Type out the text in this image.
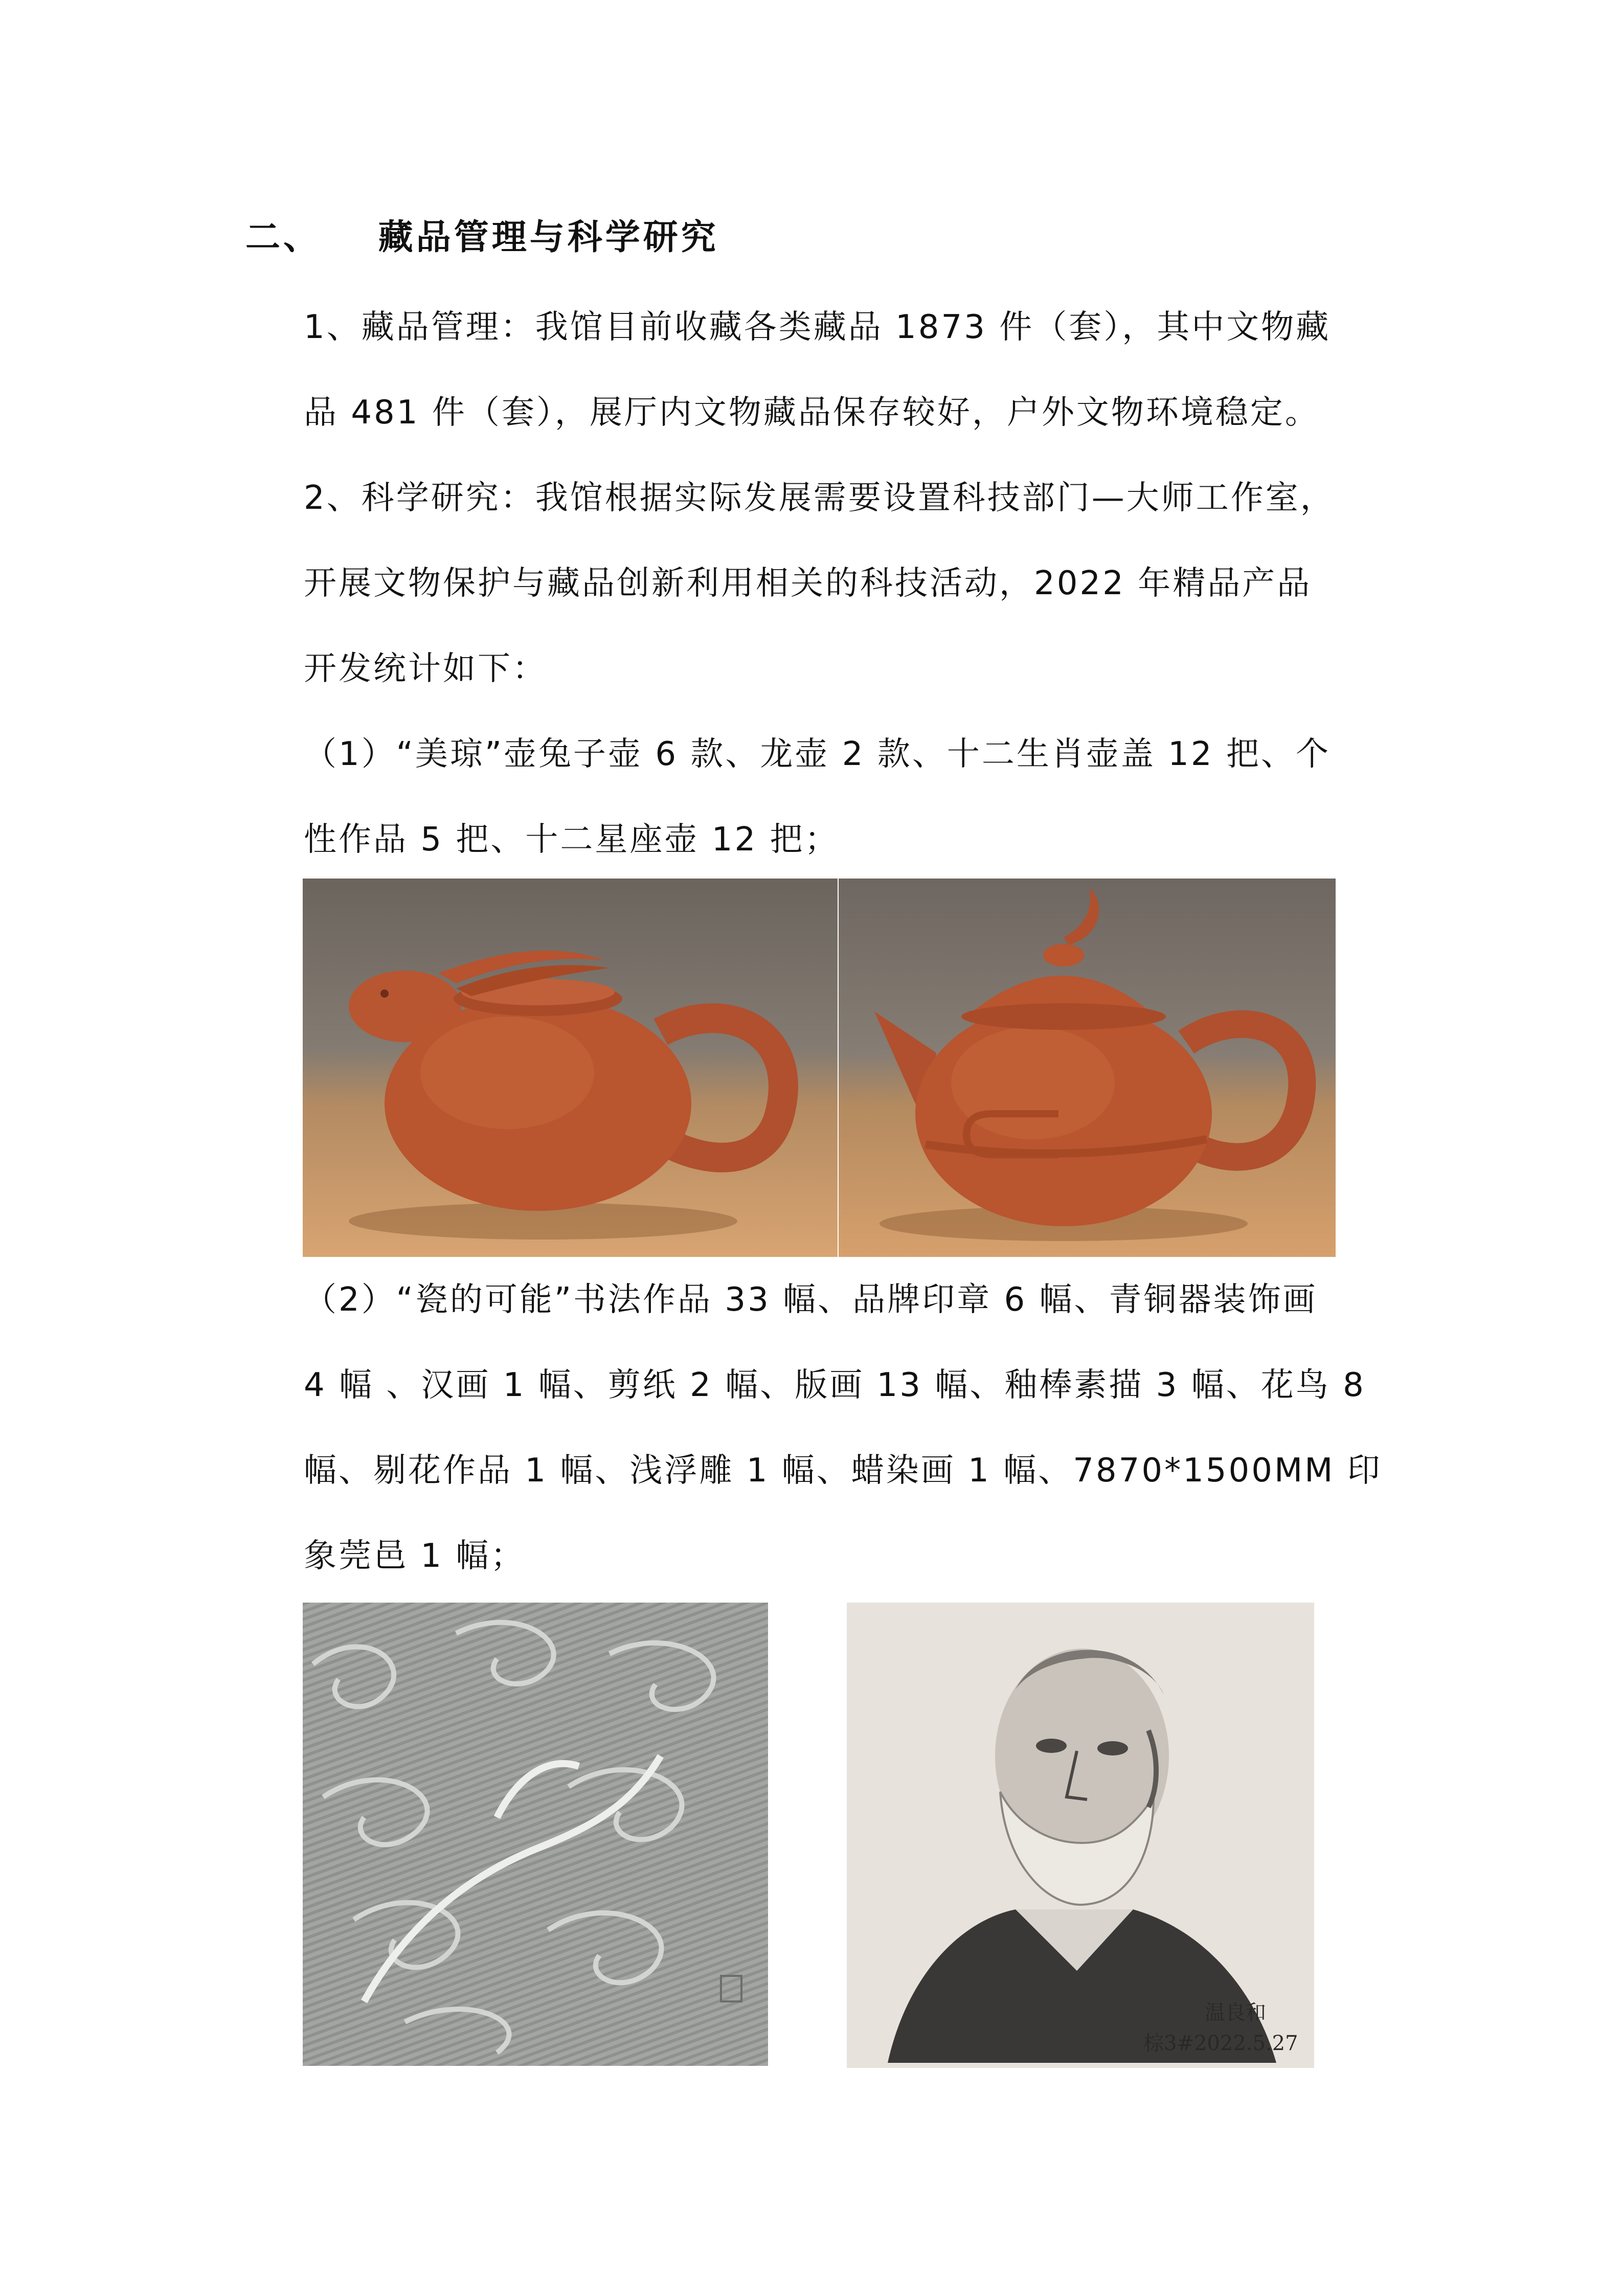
二、 藏品管理与科学研究
1、藏品管理：我馆目前收藏各类藏品 1873 件（套），其中文物藏
品 481 件（套），展厅内文物藏品保存较好，户外文物环境稳定。
2、科学研究：我馆根据实际发展需要设置科技部门—大师工作室，
开展文物保护与藏品创新利用相关的科技活动，2022 年精品产品
开发统计如下：
（1）“美琼”壶兔子壶 6 款、龙壶 2 款、十二生肖壶盖 12 把、个
性作品 5 把、十二星座壶 12 把；
（2）“瓷的可能”书法作品 33 幅、品牌印章 6 幅、青铜器装饰画
4 幅 、汉画 1 幅、剪纸 2 幅、版画 13 幅、釉棒素描 3 幅、花鸟 8
幅、剔花作品 1 幅、浅浮雕 1 幅、蜡染画 1 幅、7870*1500MM 印
象莞邑 1 幅；
温良和
棕3#2022.5.27
